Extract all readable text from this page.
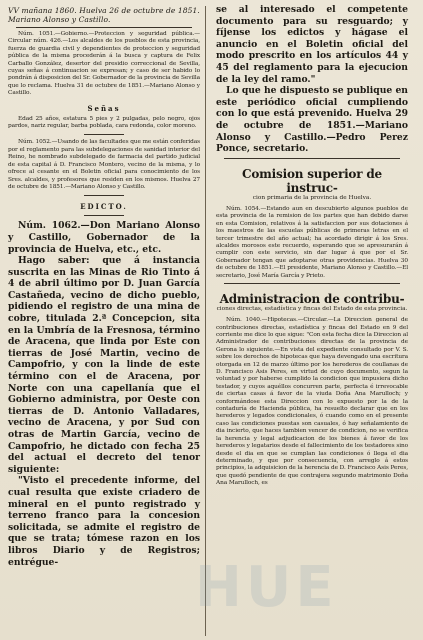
VV mañana 1860. Huelva 26 de octubre de 1851.

Mariano Alonso y Castillo.

Núm. 1051.—Gobierno.—Proteccion y seguridad pública.—Circular núm. 426.—Los alcaldes de los pueblos de esta provincia, fuerza de guardia civil y dependientes de proteccion y seguridad pública de la misma procederán á la busca y captura de Felix Carballo González, desertor del presidio correccional de Sevilla, cuyas señas á continuacion se expresan; y caso de ser habido lo pondrán á disposicion del Sr. Gobernador de la provincia de Sevilla que lo reclama. Huelva 31 de octubre de 1851.—Mariano Alonso y Castillo.

Señas

Edad 25 años, estatura 5 pies y 2 pulgadas, pelo negro, ojos pardos, nariz regular, barba poblada, cara redonda, color moreno.

Núm. 1052.—Usando de las facultades que me están conferidas por el reglamento para las subdelegaciones de sanidad interior del Reino, he nombrado subdelegado de farmacia del partido judicial de esta capital á D. Francisco Montero, vecino de la misma, y lo ofrece al cesante en el Boletin oficial para conocimiento de los Sres. alcaldes, y profesores que residen en los mismos. Huelva 27 de octubre de 1851.—Mariano Alonso y Castillo.

EDICTO.

Núm. 1062.—Don Mariano Alonso y Castillo, Gobernador de la provincia de Huelva, etc., etc.

Hago saber: que á instancia suscrita en las Minas de Rio Tinto á 4 de abril último por D. Juan García Castañeda, vecino de dicho pueblo, pidiendo el registro de una mina de cobre, titulada 2.ª Concepcion, sita en la Umbría de la Fresnosa, término de Aracena, que linda por Este con tierras de José Martin, vecino de Campofrio, y con la linde de este término con el de Aracena, por Norte con una capellanía que el Gobierno administra, por Oeste con tierras de D. Antonio Valladares, vecino de Aracena, y por Sud con otras de Martin García, vecino de Campofrio, he dictado con fecha 25 del actual el decreto del tenor siguiente:

"Visto el precedente informe, del cual resulta que existe criadero de mineral en el punto registrado y terreno franco para la concesion solicitada, se admite el registro de que se trata; tómese razon en los libros Diario y de Registros; entrégue-

se al interesado el competente documento para su resguardo; y fíjense los edictos y hágase el anuncio en el Boletin oficial del modo prescrito en los artículos 44 y 45 del reglamento para la ejecucion de la ley del ramo."

Lo que he dispuesto se publique en este periódico oficial cumpliendo con lo que está prevenido. Huelva 29 de octubre de 1851.—Mariano Alonso y Castillo.—Pedro Perez Ponce, secretario.

Comision superior de instruc-

cion primaria de la provincia de Huelva.

Núm. 1054.—Estando aun en descubierto algunos pueblos de esta provincia de la remision de los partes que han debido darse en esta Comision, relativos á la satisfaccion por sus dotaciones á los maestros de las escuelas públicas de primeras letras en el tercer trimestre del año actual; ha acordado dirigir á los Sres. alcaldes morosos este recuerdo, esperando que se apresurarán á cumplir con este servicio, sin dar lugar á que por el Sr. Gobernador tengan que adoptarse otras providencias. Huelva 30 de octubre de 1851.—El presidente, Mariano Alonso y Castillo.—El secretario, José María García y Prieto.

Administracion de contribu-

ciones directas, estadística y fincas del Estado de esta provincia.

Núm. 1040.—Hipotecas.—Circular.—La Direccion general de contribuciones directas, estadística y fincas del Estado en 9 del corriente me dice lo que sigue: "Con esta fecha dice la Direccion al Administrador de contribuciones directas de la provincia de Gerona lo siguiente.—En vista del expediente consultado por V. S. sobre los derechos de hipotecas que haya devengado una escritura otorgada en 12 de marzo último por los herederos de coullanas de D. Francisco Asis Peres, en virtud de cuyo documento, segun la voluntad y por haberse cumplido la condicion que impusiera dicho testador, y cuyos aquéllos concurren parte, perfecta é irrevocable de ciertas casas á favor de la viuda Doña Ana Marulloch; y conformándose esta Direccion con lo expuesto por la de la contaduría de Hacienda pública, ha resuelto declarar que en los herederos y legados condicionales, ó cuando como en el presente caso las condiciones puestas son casuales, ó hay señalamiento de dia incierto, que haces tambien vencer de condicion, no se verifica la herencia y legal adjudicacion de los bienes á favor de los herederos y legatarios desde el fallecimiento de los testadores sino desde el dia en que se cumplan las condiciones ó llega el dia determinado, y que por consecuencia, con arreglo á estos principios, la adquisicion de la herencia de D. Francisco Asis Peres, que quedó pendiente de que contrajera segundo matrimonio Doña Ana Marulloch, es

HUE
